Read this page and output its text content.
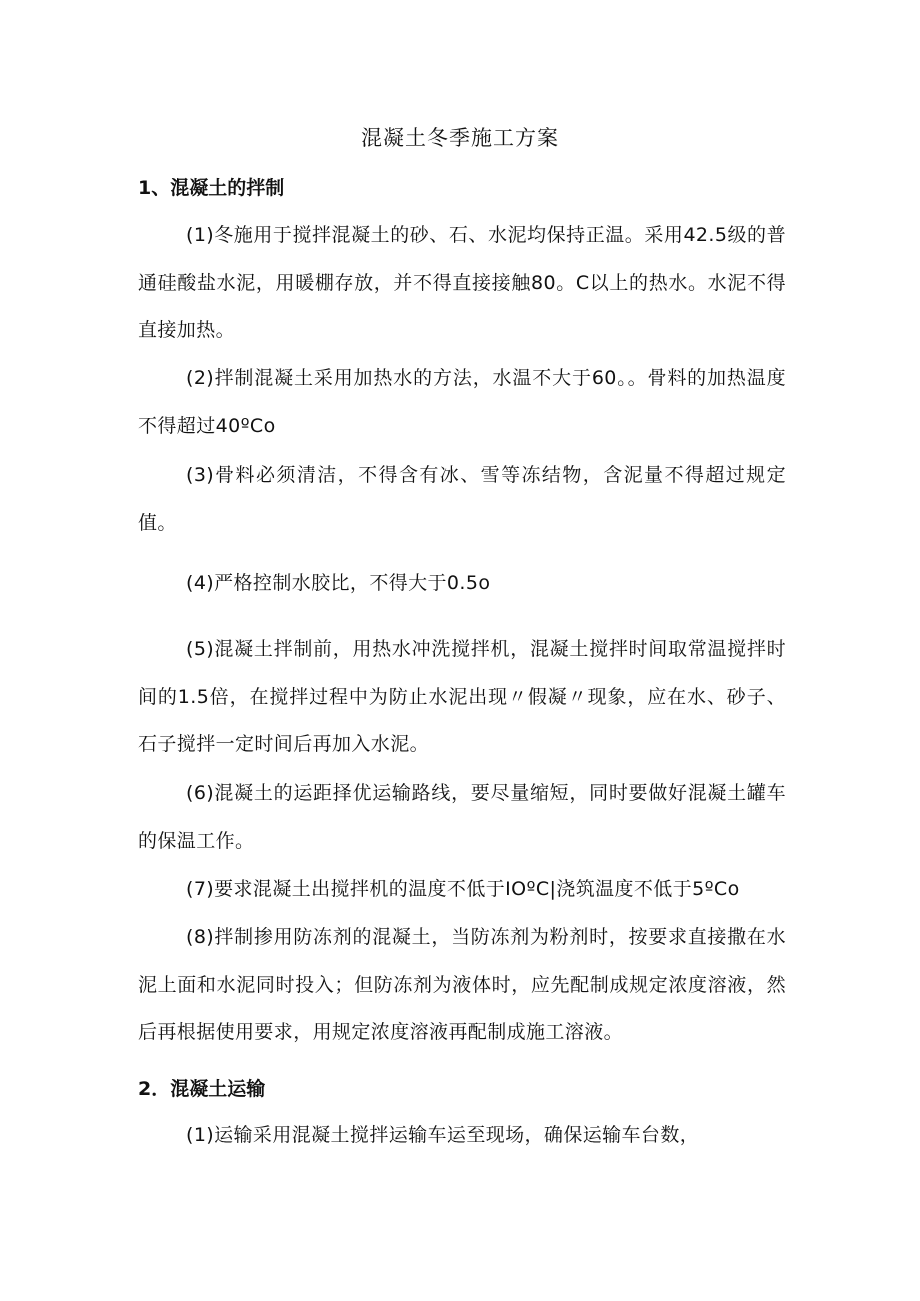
混凝土冬季施工方案
1、混凝土的拌制

(1)冬施用于搅拌混凝土的砂、石、水泥均保持正温。采用42.5级的普通硅酸盐水泥，用暖棚存放，并不得直接接触80。C以上的热水。水泥不得直接加热。

(2)拌制混凝土采用加热水的方法，水温不大于60。。骨料的加热温度不得超过40ºCo

(3)骨料必须清洁，不得含有冰、雪等冻结物，含泥量不得超过规定值。

(4)严格控制水胶比，不得大于0.5o

(5)混凝土拌制前，用热水冲洗搅拌机，混凝土搅拌时间取常温搅拌时间的1.5倍，在搅拌过程中为防止水泥出现〃假凝〃现象，应在水、砂子、石子搅拌一定时间后再加入水泥。

(6)混凝土的运距择优运输路线，要尽量缩短，同时要做好混凝土罐车的保温工作。

(7)要求混凝土出搅拌机的温度不低于IOºC|浇筑温度不低于5ºCo

(8)拌制掺用防冻剂的混凝土，当防冻剂为粉剂时，按要求直接撒在水泥上面和水泥同时投入；但防冻剂为液体时，应先配制成规定浓度溶液，然后再根据使用要求，用规定浓度溶液再配制成施工溶液。

2．混凝土运输

(1)运输采用混凝土搅拌运输车运至现场，确保运输车台数，
